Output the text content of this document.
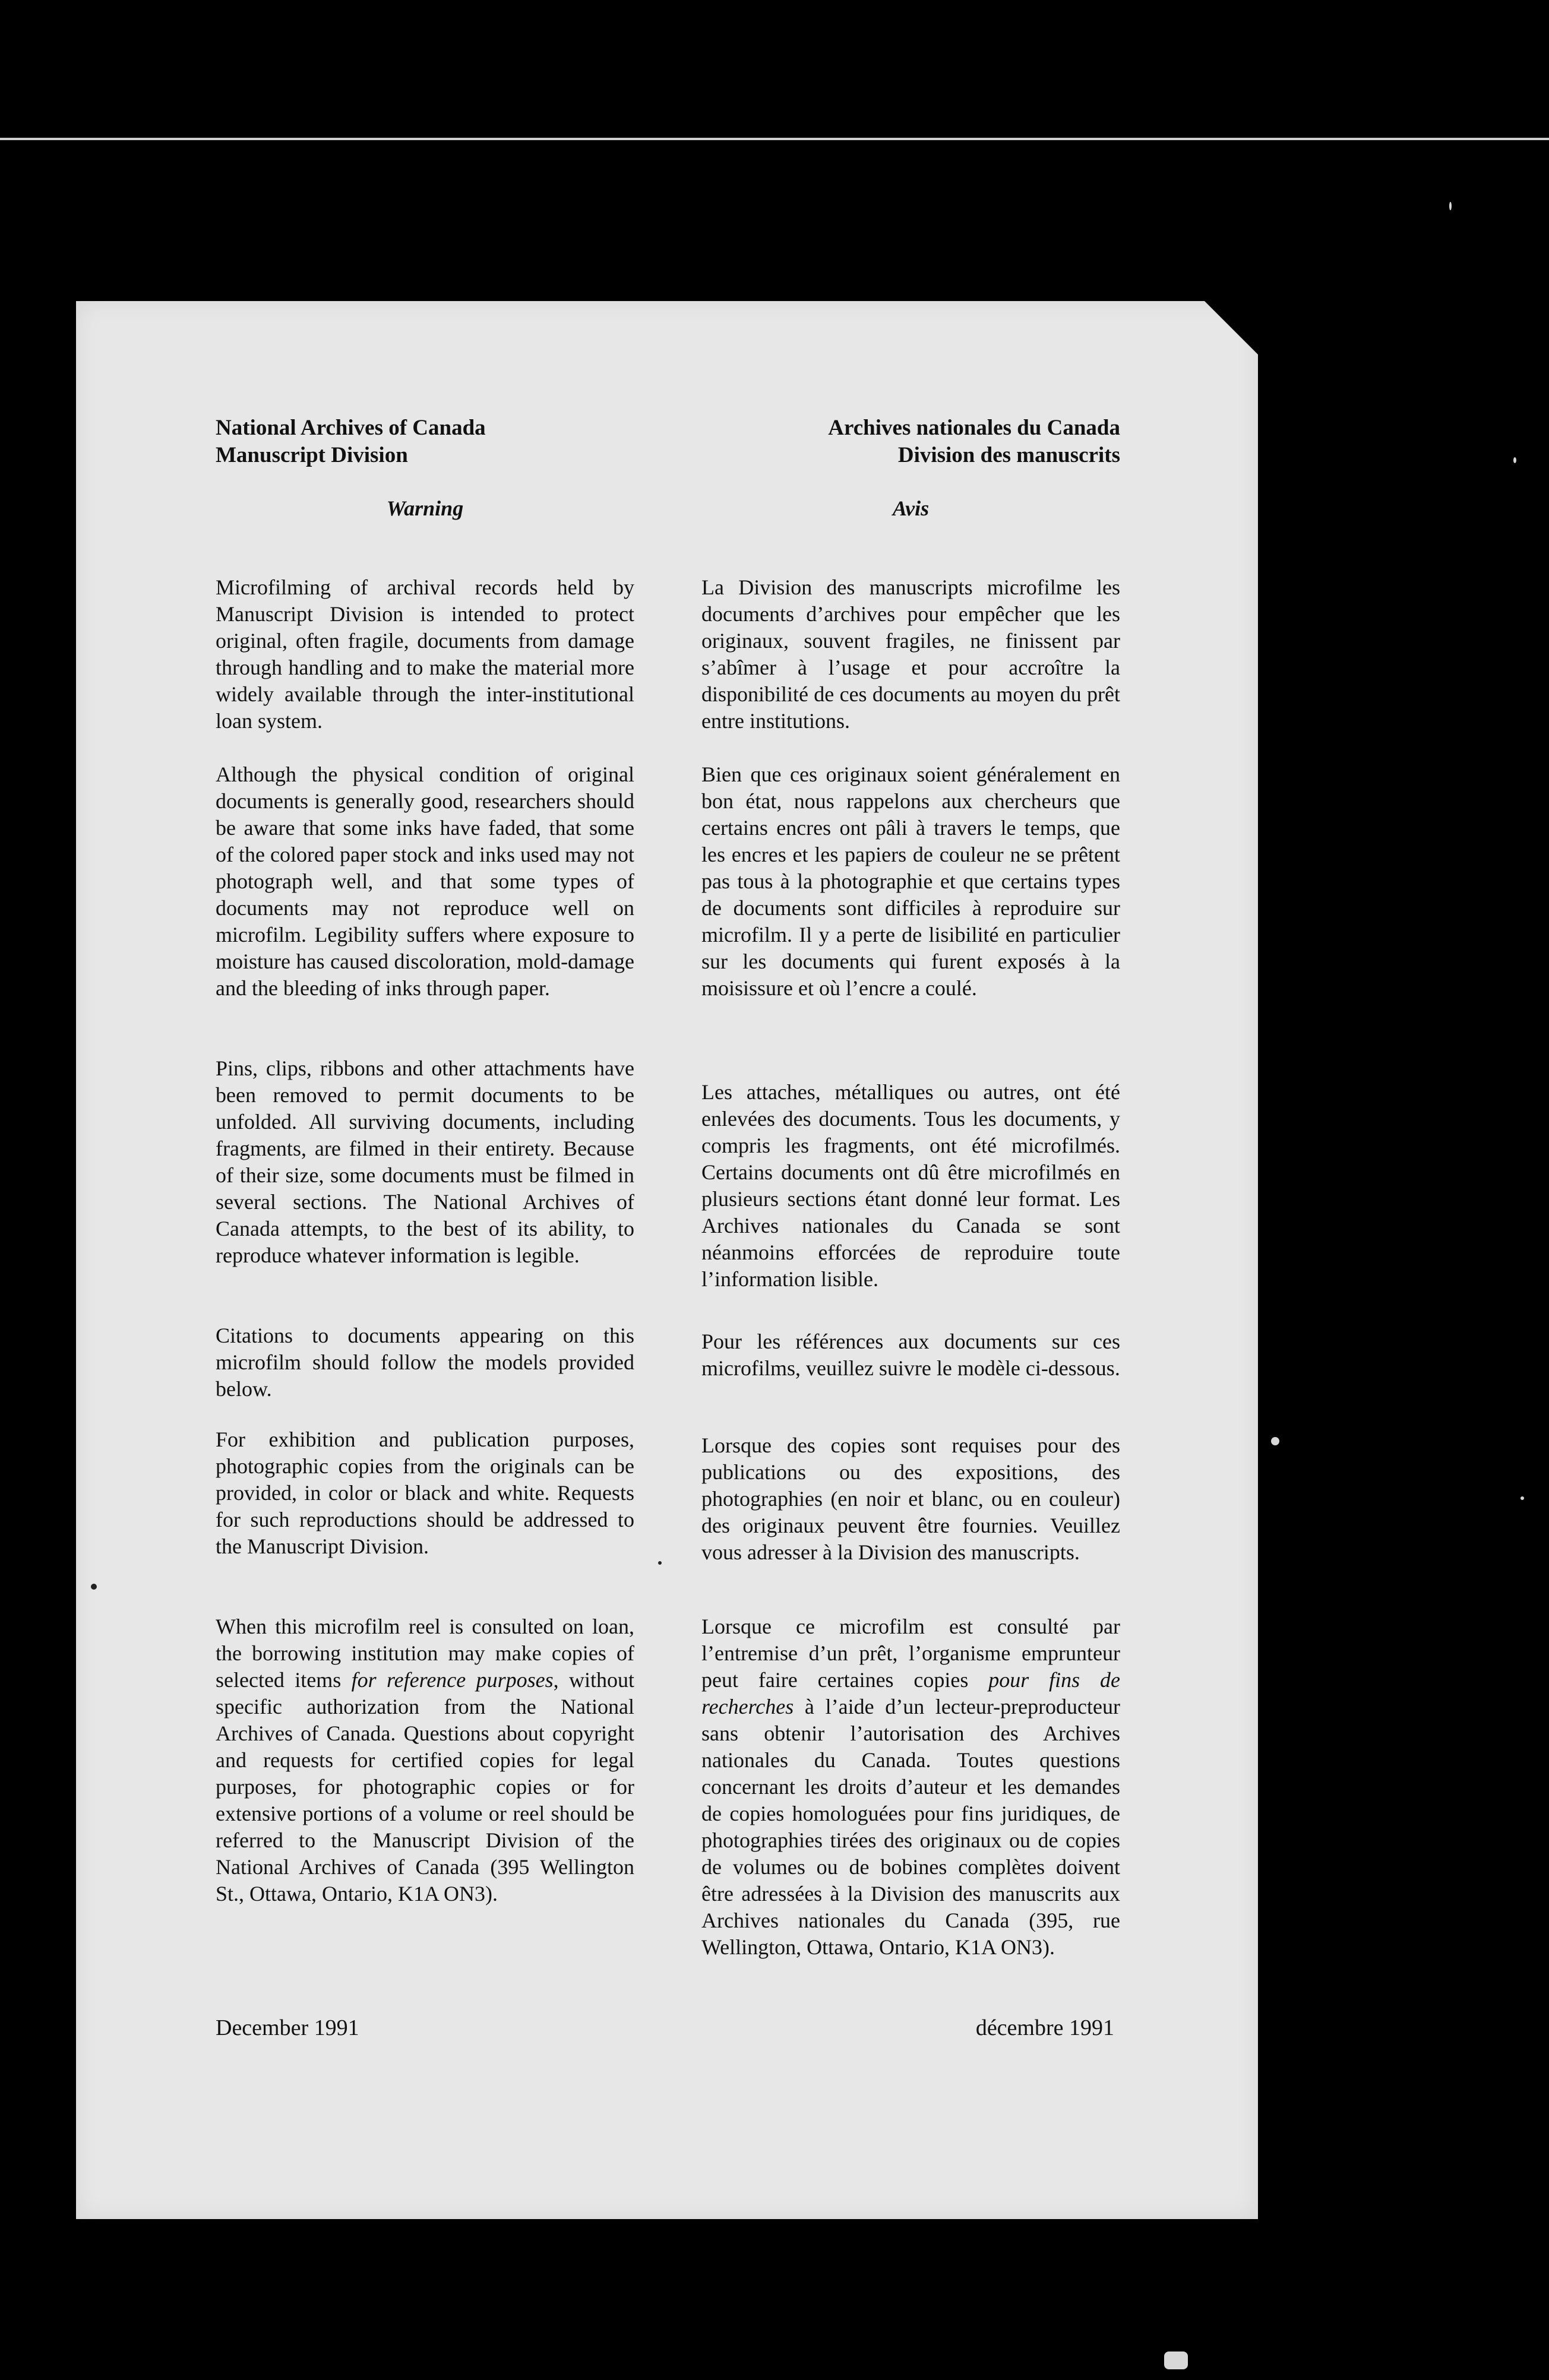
National Archives of Canada
Manuscript Division
Warning

Microfilming of archival records held by Manuscript Division is intended to protect original, often fragile, documents from damage through handling and to make the material more widely available through the inter-institutional loan system.

Although the physical condition of original documents is generally good, researchers should be aware that some inks have faded, that some of the colored paper stock and inks used may not photograph well, and that some types of documents may not reproduce well on microfilm. Legibility suffers where exposure to moisture has caused discoloration, mold-damage and the bleeding of inks through paper.

Pins, clips, ribbons and other attachments have been removed to permit documents to be unfolded. All surviving documents, including fragments, are filmed in their entirety. Because of their size, some documents must be filmed in several sections. The National Archives of Canada attempts, to the best of its ability, to reproduce whatever information is legible.

Citations to documents appearing on this microfilm should follow the models provided below.

For exhibition and publication purposes, photographic copies from the originals can be provided, in color or black and white. Requests for such reproductions should be addressed to the Manuscript Division.

When this microfilm reel is consulted on loan, the borrowing institution may make copies of selected items for reference purposes, without specific authorization from the National Archives of Canada. Questions about copyright and requests for certified copies for legal purposes, for photographic copies or for extensive portions of a volume or reel should be referred to the Manuscript Division of the National Archives of Canada (395 Wellington St., Ottawa, Ontario, K1A ON3).

December 1991
Archives nationales du Canada
Division des manuscrits
Avis

La Division des manuscripts microfilme les documents d’archives pour empêcher que les originaux, souvent fragiles, ne finissent par s’abîmer à l’usage et pour accroître la disponibilité de ces documents au moyen du prêt entre institutions.

Bien que ces originaux soient généralement en bon état, nous rappelons aux chercheurs que certains encres ont pâli à travers le temps, que les encres et les papiers de couleur ne se prêtent pas tous à la photographie et que certains types de documents sont difficiles à reproduire sur microfilm. Il y a perte de lisibilité en particulier sur les documents qui furent exposés à la moisissure et où l’encre a coulé.

Les attaches, métalliques ou autres, ont été enlevées des documents. Tous les documents, y compris les fragments, ont été microfilmés. Certains documents ont dû être microfilmés en plusieurs sections étant donné leur format. Les Archives nationales du Canada se sont néanmoins efforcées de reproduire toute l’information lisible.

Pour les références aux documents sur ces microfilms, veuillez suivre le modèle ci-dessous.

Lorsque des copies sont requises pour des publications ou des expositions, des photographies (en noir et blanc, ou en couleur) des originaux peuvent être fournies. Veuillez vous adresser à la Division des manuscripts.

Lorsque ce microfilm est consulté par l’entremise d’un prêt, l’organisme emprunteur peut faire certaines copies pour fins de recherches à l’aide d’un lecteur-preproducteur sans obtenir l’autorisation des Archives nationales du Canada. Toutes questions concernant les droits d’auteur et les demandes de copies homologuées pour fins juridiques, de photographies tirées des originaux ou de copies de volumes ou de bobines complètes doivent être adressées à la Division des manuscrits aux Archives nationales du Canada (395, rue Wellington, Ottawa, Ontario, K1A ON3).

décembre 1991
